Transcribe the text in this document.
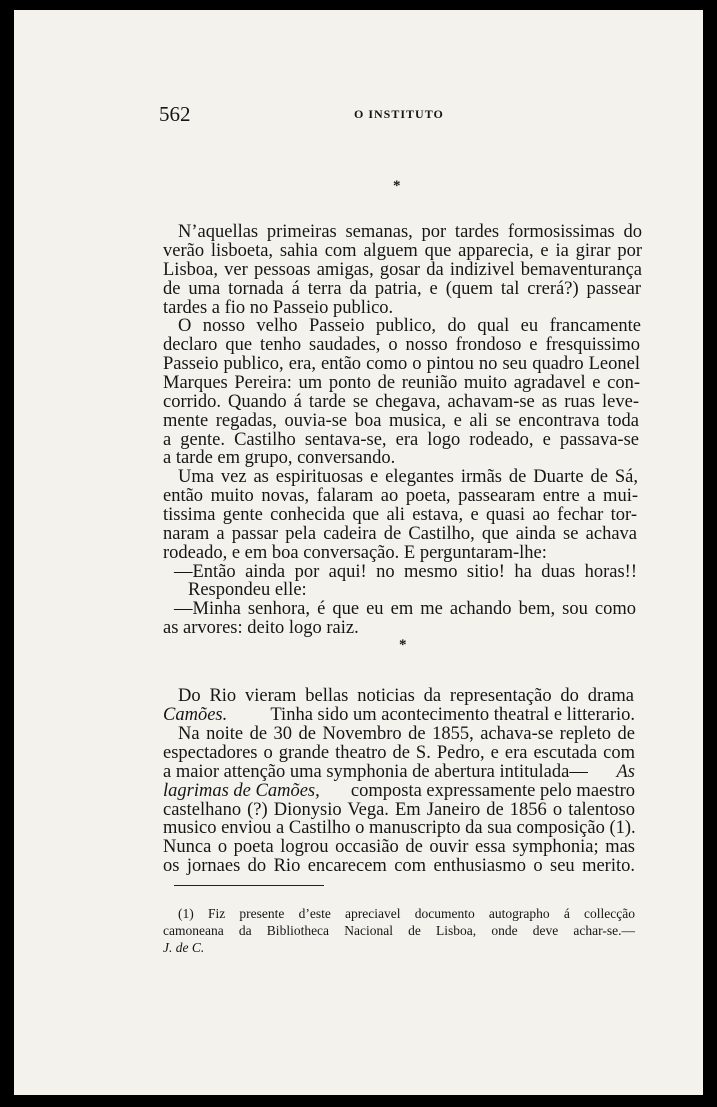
562	O INSTITUTO
*
N’aquellas primeiras semanas, por tardes formosissimas do
verão lisboeta, sahia com alguem que apparecia, e ia girar por
Lisboa, ver pessoas amigas, gosar da indizivel bemaventurança
de uma tornada á terra da patria, e (quem tal crerá?) passear
tardes a fio no Passeio publico.
O nosso velho Passeio publico, do qual eu francamente
declaro que tenho saudades, o nosso frondoso e fresquissimo
Passeio publico, era, então como o pintou no seu quadro Leonel
Marques Pereira: um ponto de reunião muito agradavel e con-
corrido. Quando á tarde se chegava, achavam-se as ruas leve-
mente regadas, ouvia-se boa musica, e ali se encontrava toda
a gente. Castilho sentava-se, era logo rodeado, e passava-se
a tarde em grupo, conversando.
Uma vez as espirituosas e elegantes irmãs de Duarte de Sá,
então muito novas, falaram ao poeta, passearam entre a mui-
tissima gente conhecida que ali estava, e quasi ao fechar tor-
naram a passar pela cadeira de Castilho, que ainda se achava
rodeado, e em boa conversação. E perguntaram-lhe:
—Então ainda por aqui! no mesmo sitio! ha duas horas!!
Respondeu elle:
—Minha senhora, é que eu em me achando bem, sou como
as arvores: deito logo raiz.
*
Do Rio vieram bellas noticias da representação do drama
Camões. Tinha sido um acontecimento theatral e litterario.
Na noite de 30 de Novembro de 1855, achava-se repleto de
espectadores o grande theatro de S. Pedro, e era escutada com
a maior attenção uma symphonia de abertura intitulada— As
lagrimas de Camões, composta expressamente pelo maestro
castelhano (?) Dionysio Vega. Em Janeiro de 1856 o talentoso
musico enviou a Castilho o manuscripto da sua composição (1).
Nunca o poeta logrou occasião de ouvir essa symphonia; mas
os jornaes do Rio encarecem com enthusiasmo o seu merito.
(1) Fiz presente d’este apreciavel documento autographo á collecção
camoneana da Bibliotheca Nacional de Lisboa, onde deve achar-se.—
J. de C.
